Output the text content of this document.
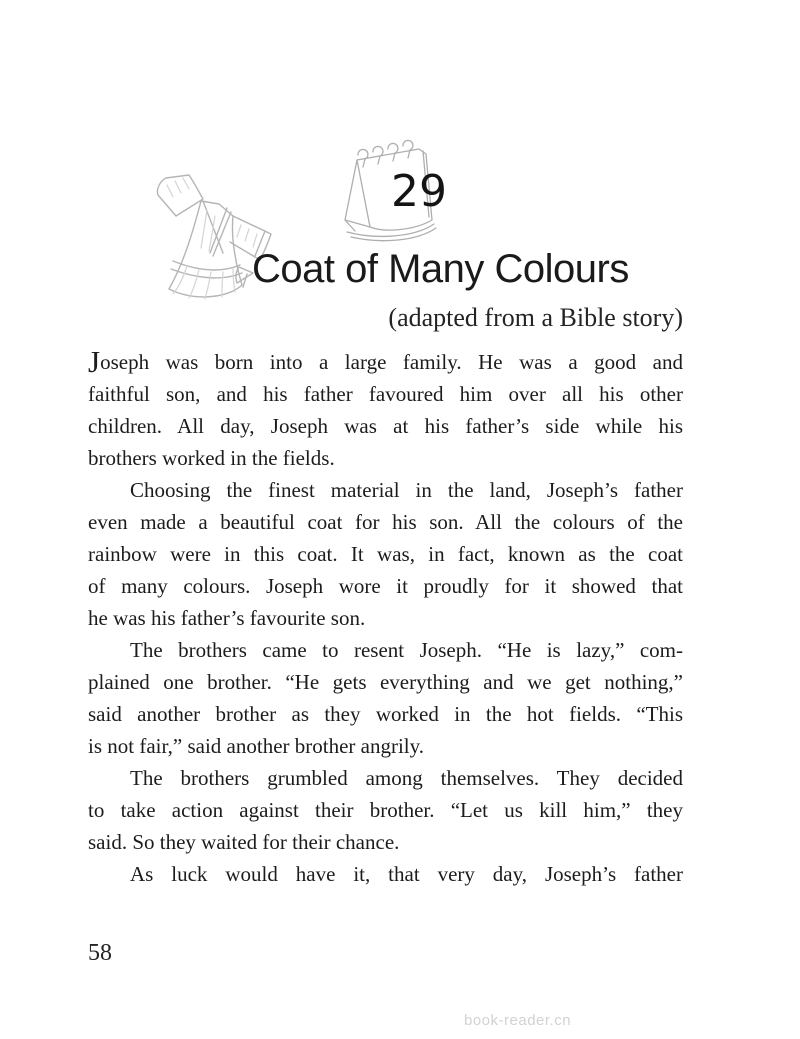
29
Coat of Many Colours
(adapted from a Bible story)
Joseph was born into a large family. He was a good and
faithful son, and his father favoured him over all his other
children. All day, Joseph was at his father’s side while his
brothers worked in the fields.
Choosing the finest material in the land, Joseph’s father
even made a beautiful coat for his son. All the colours of the
rainbow were in this coat. It was, in fact, known as the coat
of many colours. Joseph wore it proudly for it showed that
he was his father’s favourite son.
The brothers came to resent Joseph. “He is lazy,” com-
plained one brother. “He gets everything and we get nothing,”
said another brother as they worked in the hot fields. “This
is not fair,” said another brother angrily.
The brothers grumbled among themselves. They decided
to take action against their brother. “Let us kill him,” they
said. So they waited for their chance.
As luck would have it, that very day, Joseph’s father
58
book-reader.cn
